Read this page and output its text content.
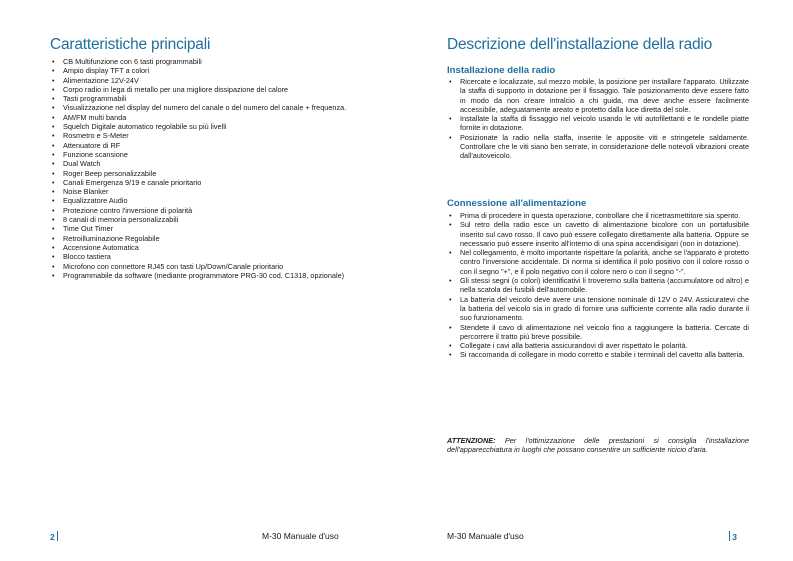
Caratteristiche principali
• CB Multifunzione con 6 tasti programmabili
• Ampio display TFT a colori
• Alimentazione 12V-24V
• Corpo radio in lega di metallo per una migliore dissipazione del calore
• Tasti programmabili
• Visualizzazione nel display del numero del canale o del numero del canale + frequenza.
• AM/FM multi banda
• Squelch Digitale automatico regolabile su più livelli
• Rosmetro e S-Meter
• Attenuatore di RF
• Funzione scansione
• Dual Watch
• Roger Beep personalizzabile
• Canali Emergenza 9/19 e canale prioritario
• Noise Blanker
• Equalizzatore Audio
• Protezione contro l'inversione di polarità
• 8 canali di memoria personalizzabili
• Time Out Timer
• Retroilluminazione Regolabile
• Accensione Automatica
• Blocco tastiera
• Microfono con connettore RJ45 con tasti Up/Down/Canale prioritario
• Programmabile da software (mediante programmatore PRG-30 cod. C1318, opzionale)
2	M-30 Manuale d'uso
Descrizione dell'installazione della radio
Installazione della radio
• Ricercate e localizzate, sul mezzo mobile, la posizione per installare l'apparato. Utilizzate la staffa di supporto in dotazione per il fissaggio. Tale posizionamento deve essere fatto in modo da non creare intralcio a chi guida, ma deve anche essere facilmente accessibile, adeguatamente areato e protetto dalla luce diretta del sole.
• Installate la staffa di fissaggio nel veicolo usando le viti autofilettanti e le rondelle piatte fornite in dotazione.
• Posizionate la radio nella staffa, inserite le apposite viti e stringetele saldamente. Controllare che le viti siano ben serrate, in considerazione delle notevoli vibrazioni create dall'autoveicolo.
Connessione all'alimentazione
• Prima di procedere in questa operazione, controllare che il ricetrasmettitore sia spento.
• Sul retro della radio esce un cavetto di alimentazione bicolore con un portafusibile inserito sul cavo rosso. Il cavo può essere collegato direttamente alla batteria. Oppure se necessario può essere inserito all'interno di una spina accendisigari (non in dotazione).
• Nel collegamento, è molto importante rispettare la polarità, anche se l'apparato è protetto contro l'inversione accidentale. Di norma si identifica il polo positivo con il colore rosso o con il segno "+", e il polo negativo con il colore nero o con il segno "-".
• Gli stessi segni (o colori) identificativi li troveremo sulla batteria (accumulatore od altro) e nella scatola dei fusibili dell'automobile.
• La batteria del veicolo deve avere una tensione nominale di 12V o 24V. Assicuratevi che la batteria del veicolo sia in grado di fornire una sufficiente corrente alla radio durante il suo funzionamento.
• Stendete il cavo di alimentazione nel veicolo fino a raggiungere la batteria. Cercate di percorrere il tratto più breve possibile.
• Collegate i cavi alla batteria assicurandovi di aver rispettato le polarità.
• Si raccomanda di collegare in modo corretto e stabile i terminali del cavetto alla batteria.
ATTENZIONE: Per l'ottimizzazione delle prestazioni si consiglia l'installazione dell'apparecchiatura in luoghi che possano consentire un sufficiente ricicio d'aria.
M-30 Manuale d'uso	3
